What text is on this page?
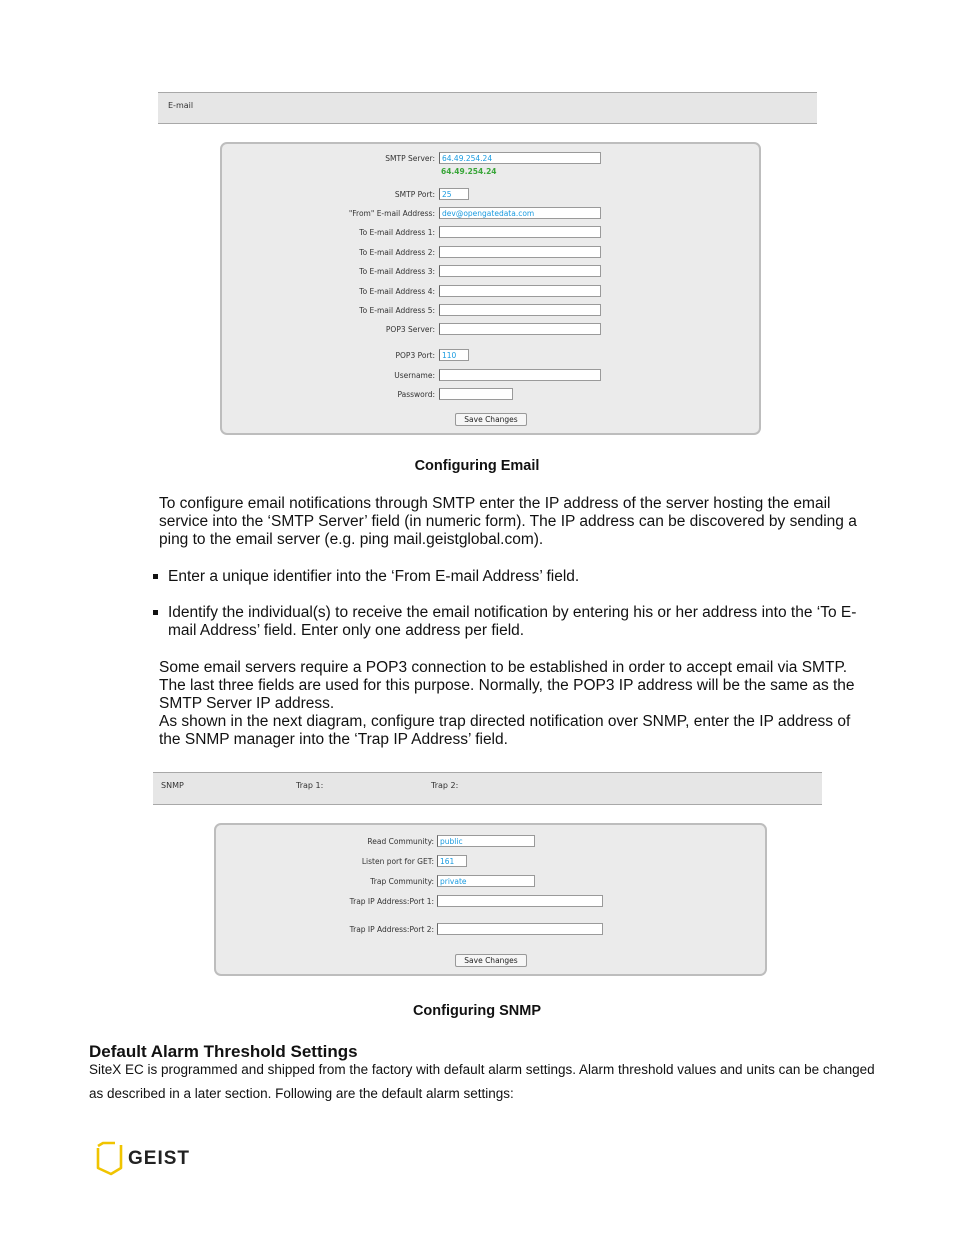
E-mail
SMTP Server: 64.49.254.24
64.49.254.24
SMTP Port: 25
"From" E-mail Address: dev@opengatedata.com
To E-mail Address 1:
To E-mail Address 2:
To E-mail Address 3:
To E-mail Address 4:
To E-mail Address 5:
POP3 Server:
POP3 Port: 110
Username:
Password:
Save Changes
Configuring Email
To configure email notifications through SMTP enter the IP address of the server hosting the email service into the ‘SMTP Server’ field (in numeric form). The IP address can be discovered by sending a ping to the email server (e.g. ping mail.geistglobal.com).
Enter a unique identifier into the ‘From E-mail Address’ field.
Identify the individual(s) to receive the email notification by entering his or her address into the ‘To E-mail Address’ field. Enter only one address per field.
Some email servers require a POP3 connection to be established in order to accept email via SMTP. The last three fields are used for this purpose. Normally, the POP3 IP address will be the same as the SMTP Server IP address.
As shown in the next diagram, configure trap directed notification over SNMP, enter the IP address of the SNMP manager into the ‘Trap IP Address’ field.
SNMP	Trap 1:	Trap 2:
Read Community: public
Listen port for GET: 161
Trap Community: private
Trap IP Address:Port 1:
Trap IP Address:Port 2:
Save Changes
Configuring SNMP
Default Alarm Threshold Settings
SiteX EC is programmed and shipped from the factory with default alarm settings. Alarm threshold values and units can be changed as described in a later section. Following are the default alarm settings:
GEIST
